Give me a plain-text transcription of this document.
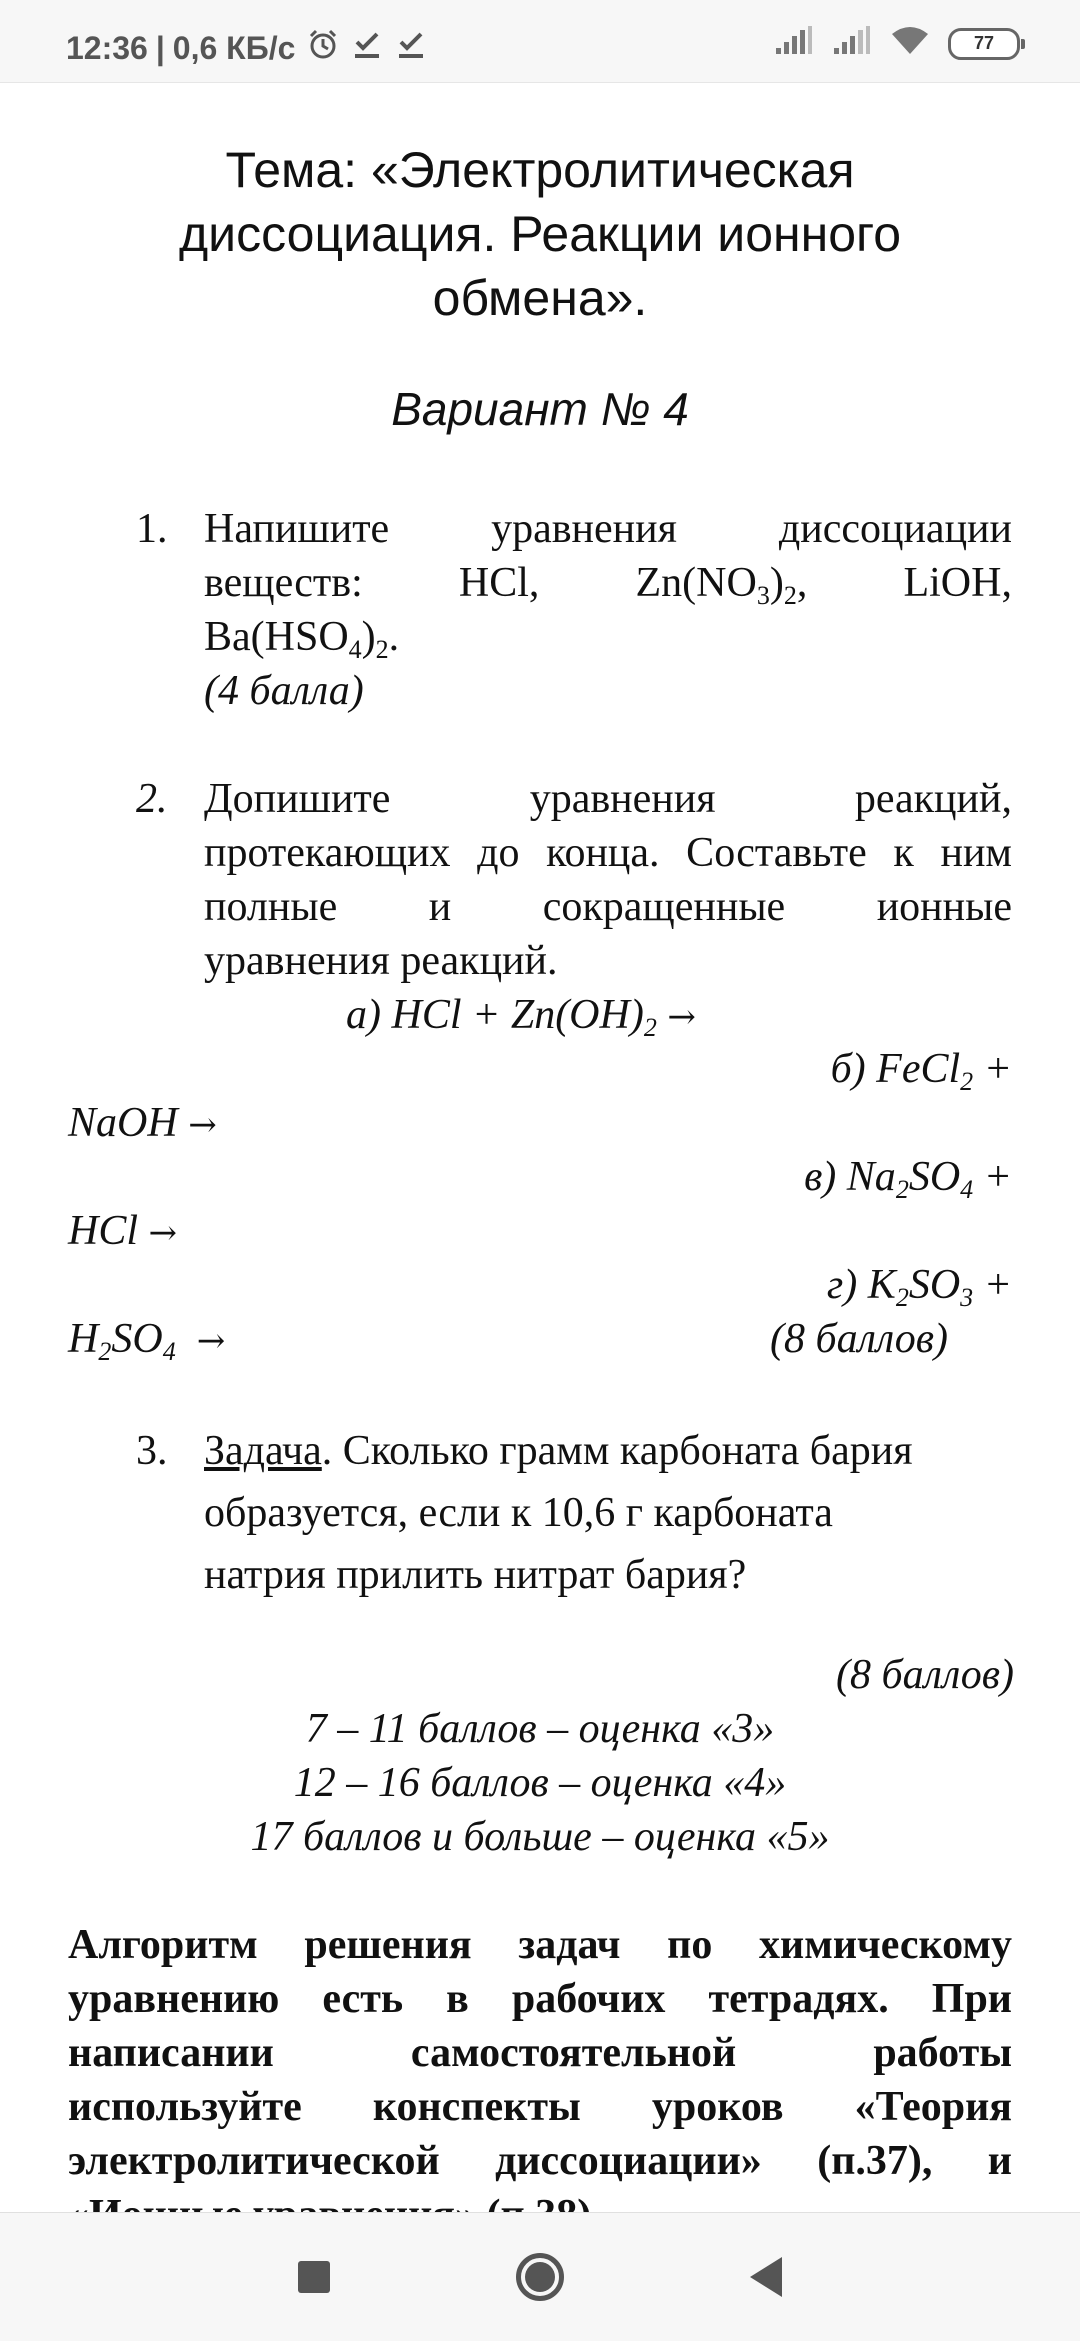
12:36 | 0,6 КБ/с	77
Тема: «Электролитическая
диссоциация. Реакции ионного
обмена».
Вариант № 4
1. Напишите уравнения диссоциации
веществ: HCl, $Zn(NO_3)_2$, LiOH,
$Ba(HSO_4)_2$.
(4 балла)
2. Допишите уравнения реакций,
протекающих до конца. Составьте к ним
полные и сокращенные ионные
уравнения реакций.
а) HCl + $Zn(OH)_2$ →
б) FeCl$_2$ +
NaOH →
в) $Na_2SO_4$ +
HCl →
г) $K_2SO_3$ +
$H_2SO_4$ →	(8 баллов)
3. Задача. Сколько грамм карбоната бария
образуется, если к 10,6 г карбоната
натрия прилить нитрат бария?
(8 баллов)
7 – 11 баллов – оценка «3»
12 – 16 баллов – оценка «4»
17 баллов и больше – оценка «5»
Алгоритм решения задач по химическому
уравнению есть в рабочих тетрадях. При
написании самостоятельной работы
используйте конспекты уроков «Теория
электролитической диссоциации» (п.37), и
